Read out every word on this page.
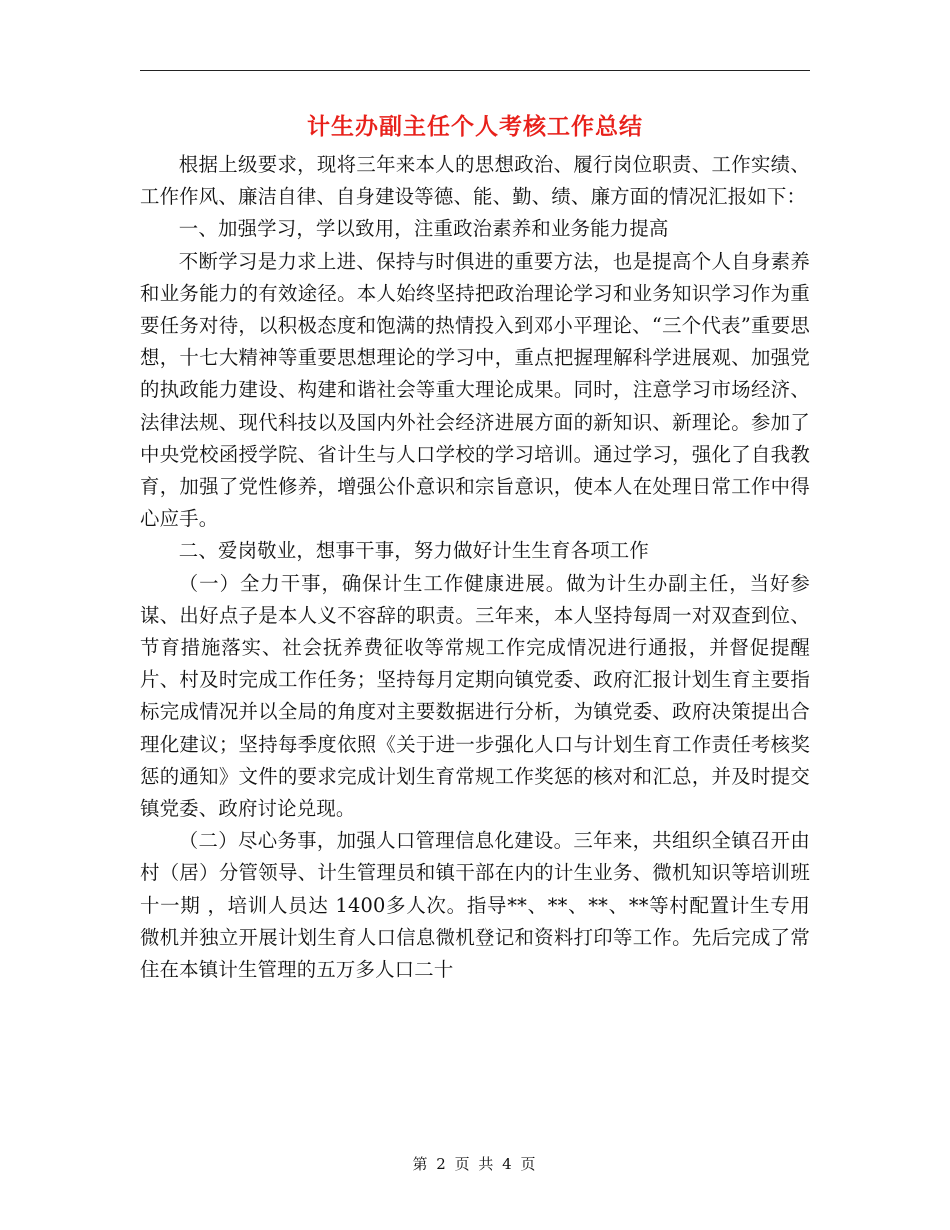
计生办副主任个人考核工作总结

根据上级要求，现将三年来本人的思想政治、履行岗位职责、工作实绩、工作作风、廉洁自律、自身建设等德、能、勤、绩、廉方面的情况汇报如下：

一、加强学习，学以致用，注重政治素养和业务能力提高

不断学习是力求上进、保持与时俱进的重要方法，也是提高个人自身素养和业务能力的有效途径。本人始终坚持把政治理论学习和业务知识学习作为重要任务对待，以积极态度和饱满的热情投入到邓小平理论、“三个代表”重要思想，十七大精神等重要思想理论的学习中，重点把握理解科学进展观、加强党的执政能力建设、构建和谐社会等重大理论成果。同时，注意学习市场经济、法律法规、现代科技以及国内外社会经济进展方面的新知识、新理论。参加了中央党校函授学院、省计生与人口学校的学习培训。通过学习，强化了自我教育，加强了党性修养，增强公仆意识和宗旨意识，使本人在处理日常工作中得心应手。

二、爱岗敬业，想事干事，努力做好计生生育各项工作

（一）全力干事，确保计生工作健康进展。做为计生办副主任，当好参谋、出好点子是本人义不容辞的职责。三年来，本人坚持每周一对双查到位、节育措施落实、社会抚养费征收等常规工作完成情况进行通报，并督促提醒片、村及时完成工作任务；坚持每月定期向镇党委、政府汇报计划生育主要指标完成情况并以全局的角度对主要数据进行分析，为镇党委、政府决策提出合理化建议；坚持每季度依照《关于进一步强化人口与计划生育工作责任考核奖惩的通知》文件的要求完成计划生育常规工作奖惩的核对和汇总，并及时提交镇党委、政府讨论兑现。

（二）尽心务事，加强人口管理信息化建设。三年来，共组织全镇召开由村（居）分管领导、计生管理员和镇干部在内的计生业务、微机知识等培训班十一期 ，培训人员达 1400多人次。指导**、**、**、**等村配置计生专用微机并独立开展计划生育人口信息微机登记和资料打印等工作。先后完成了常住在本镇计生管理的五万多人口二十

第 2 页 共 4 页
